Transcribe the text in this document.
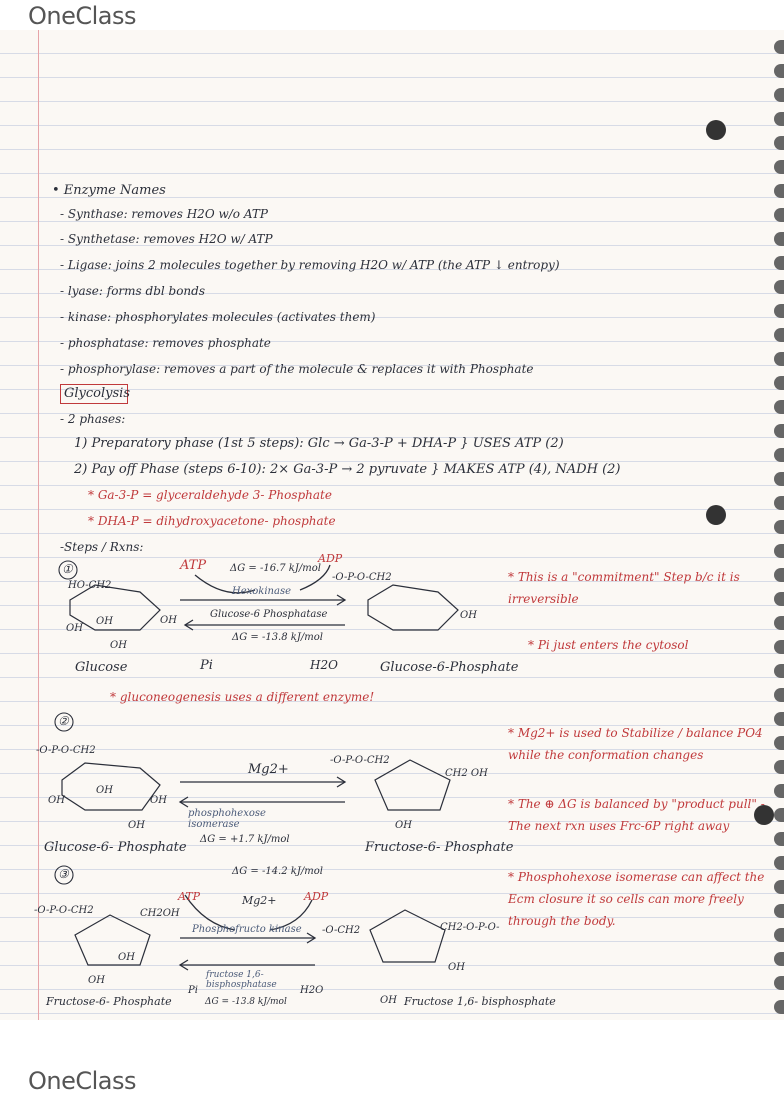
OneClass
• Enzyme Names
- Synthase: removes H2O w/o ATP
- Synthetase: removes H2O w/ ATP
- Ligase: joins 2 molecules together by removing H2O w/ ATP (the ATP ↓ entropy)
- lyase: forms dbl bonds
- kinase: phosphorylates molecules (activates them)
- phosphatase: removes phosphate
- phosphorylase: removes a part of the molecule & replaces it with Phosphate
Glycolysis
- 2 phases:
1) Preparatory phase (1st 5 steps): Glc → Ga-3-P + DHA-P } USES ATP (2)
2) Pay off Phase (steps 6-10): 2× Ga-3-P → 2 pyruvate } MAKES ATP (4), NADH (2)
* Ga-3-P = glyceraldehyde 3- Phosphate
* DHA-P = dihydroxyacetone- phosphate
-Steps / Rxns:
①
HO-CH2
OH
OH	OH
OH
ATP	ADP
ΔG = -16.7 kJ/mol
Hexokinase
Glucose-6 Phosphatase
ΔG = -13.8 kJ/mol
-O-P-O-CH2
OH
Glucose	Pi	H2O	Glucose-6-Phosphate
* This is a "commitment" Step b/c it is irreversible
* Pi just enters the cytosol
* gluconeogenesis uses a different enzyme!
②
-O-P-O-CH2
OH
OH	OH
OH
Mg2+
phosphohexose isomerase
ΔG = +1.7 kJ/mol
-O-P-O-CH2
CH2 OH
OH
Glucose-6- Phosphate	Fructose-6- Phosphate
* Mg2+ is used to Stabilize / balance PO4 while the conformation changes
* The ⊕ ΔG is balanced by "product pull" - The next rxn uses Frc-6P right away
* Phosphohexose isomerase can affect the Ecm closure it so cells can more freely through the body.
③	ΔG = -14.2 kJ/mol
ATP	Mg2+ ADP
Phosphofructo kinase
fructose 1,6-bisphosphatase
ΔG = -13.8 kJ/mol
Pi	H2O
-O-P-O-CH2	CH2OH
OH
OH
-O-CH2	CH2-O-P-O-
OH
OH
Fructose-6- Phosphate	Fructose 1,6- bisphosphate
OneClass
